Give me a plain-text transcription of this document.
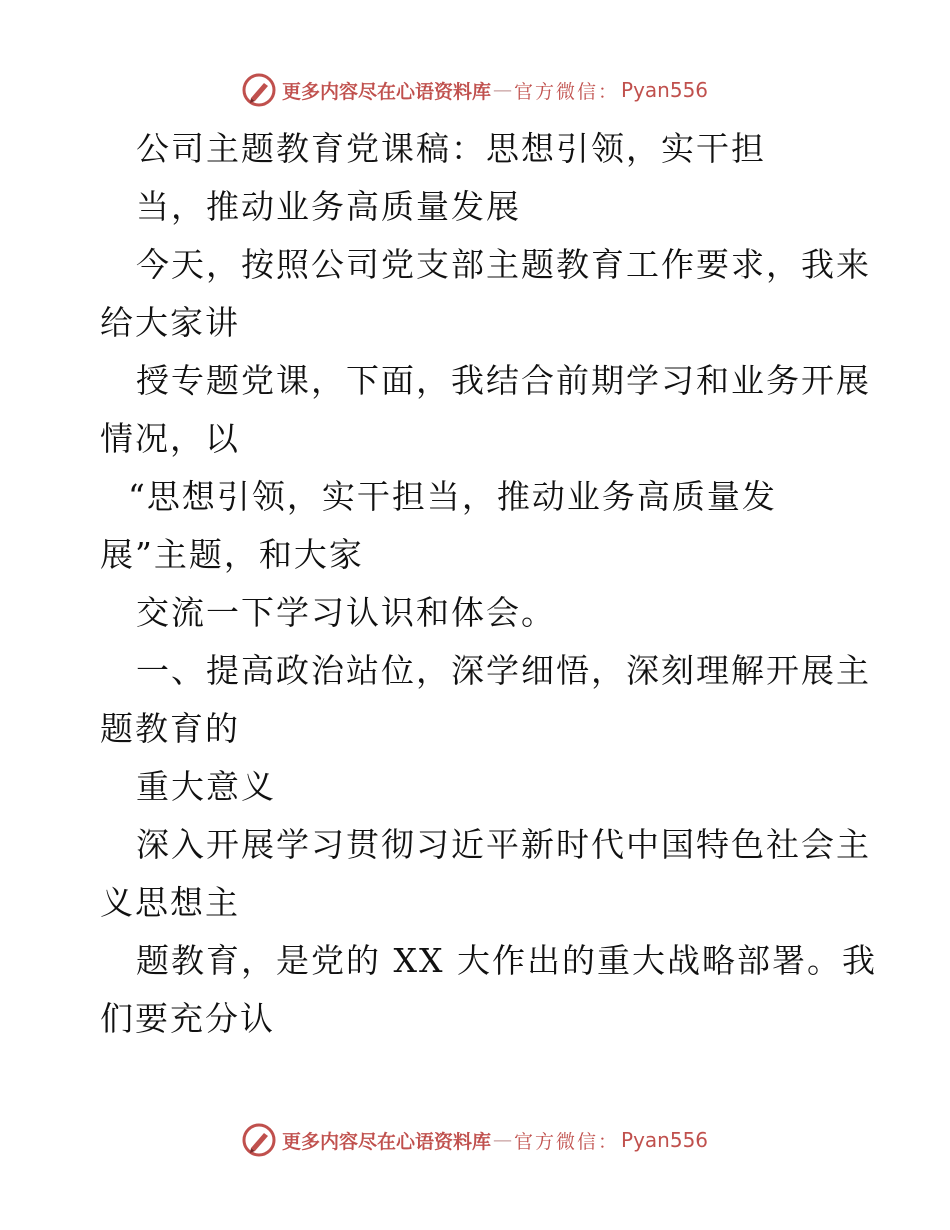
更多内容尽在心语资料库 — 官方微信 ： Pyan556
公司主题教育党课稿：思想引领，实干担
当，推动业务高质量发展
今天，按照公司党支部主题教育工作要求，我来
给大家讲
授专题党课，下面，我结合前期学习和业务开展
情况，以
“思想引领，实干担当，推动业务高质量发
展”主题，和大家
交流一下学习认识和体会。
一、提高政治站位，深学细悟，深刻理解开展主
题教育的
重大意义
深入开展学习贯彻习近平新时代中国特色社会主
义思想主
题教育，是党的 XX 大作出的重大战略部署。我
们要充分认
更多内容尽在心语资料库 — 官方微信 ： Pyan556
